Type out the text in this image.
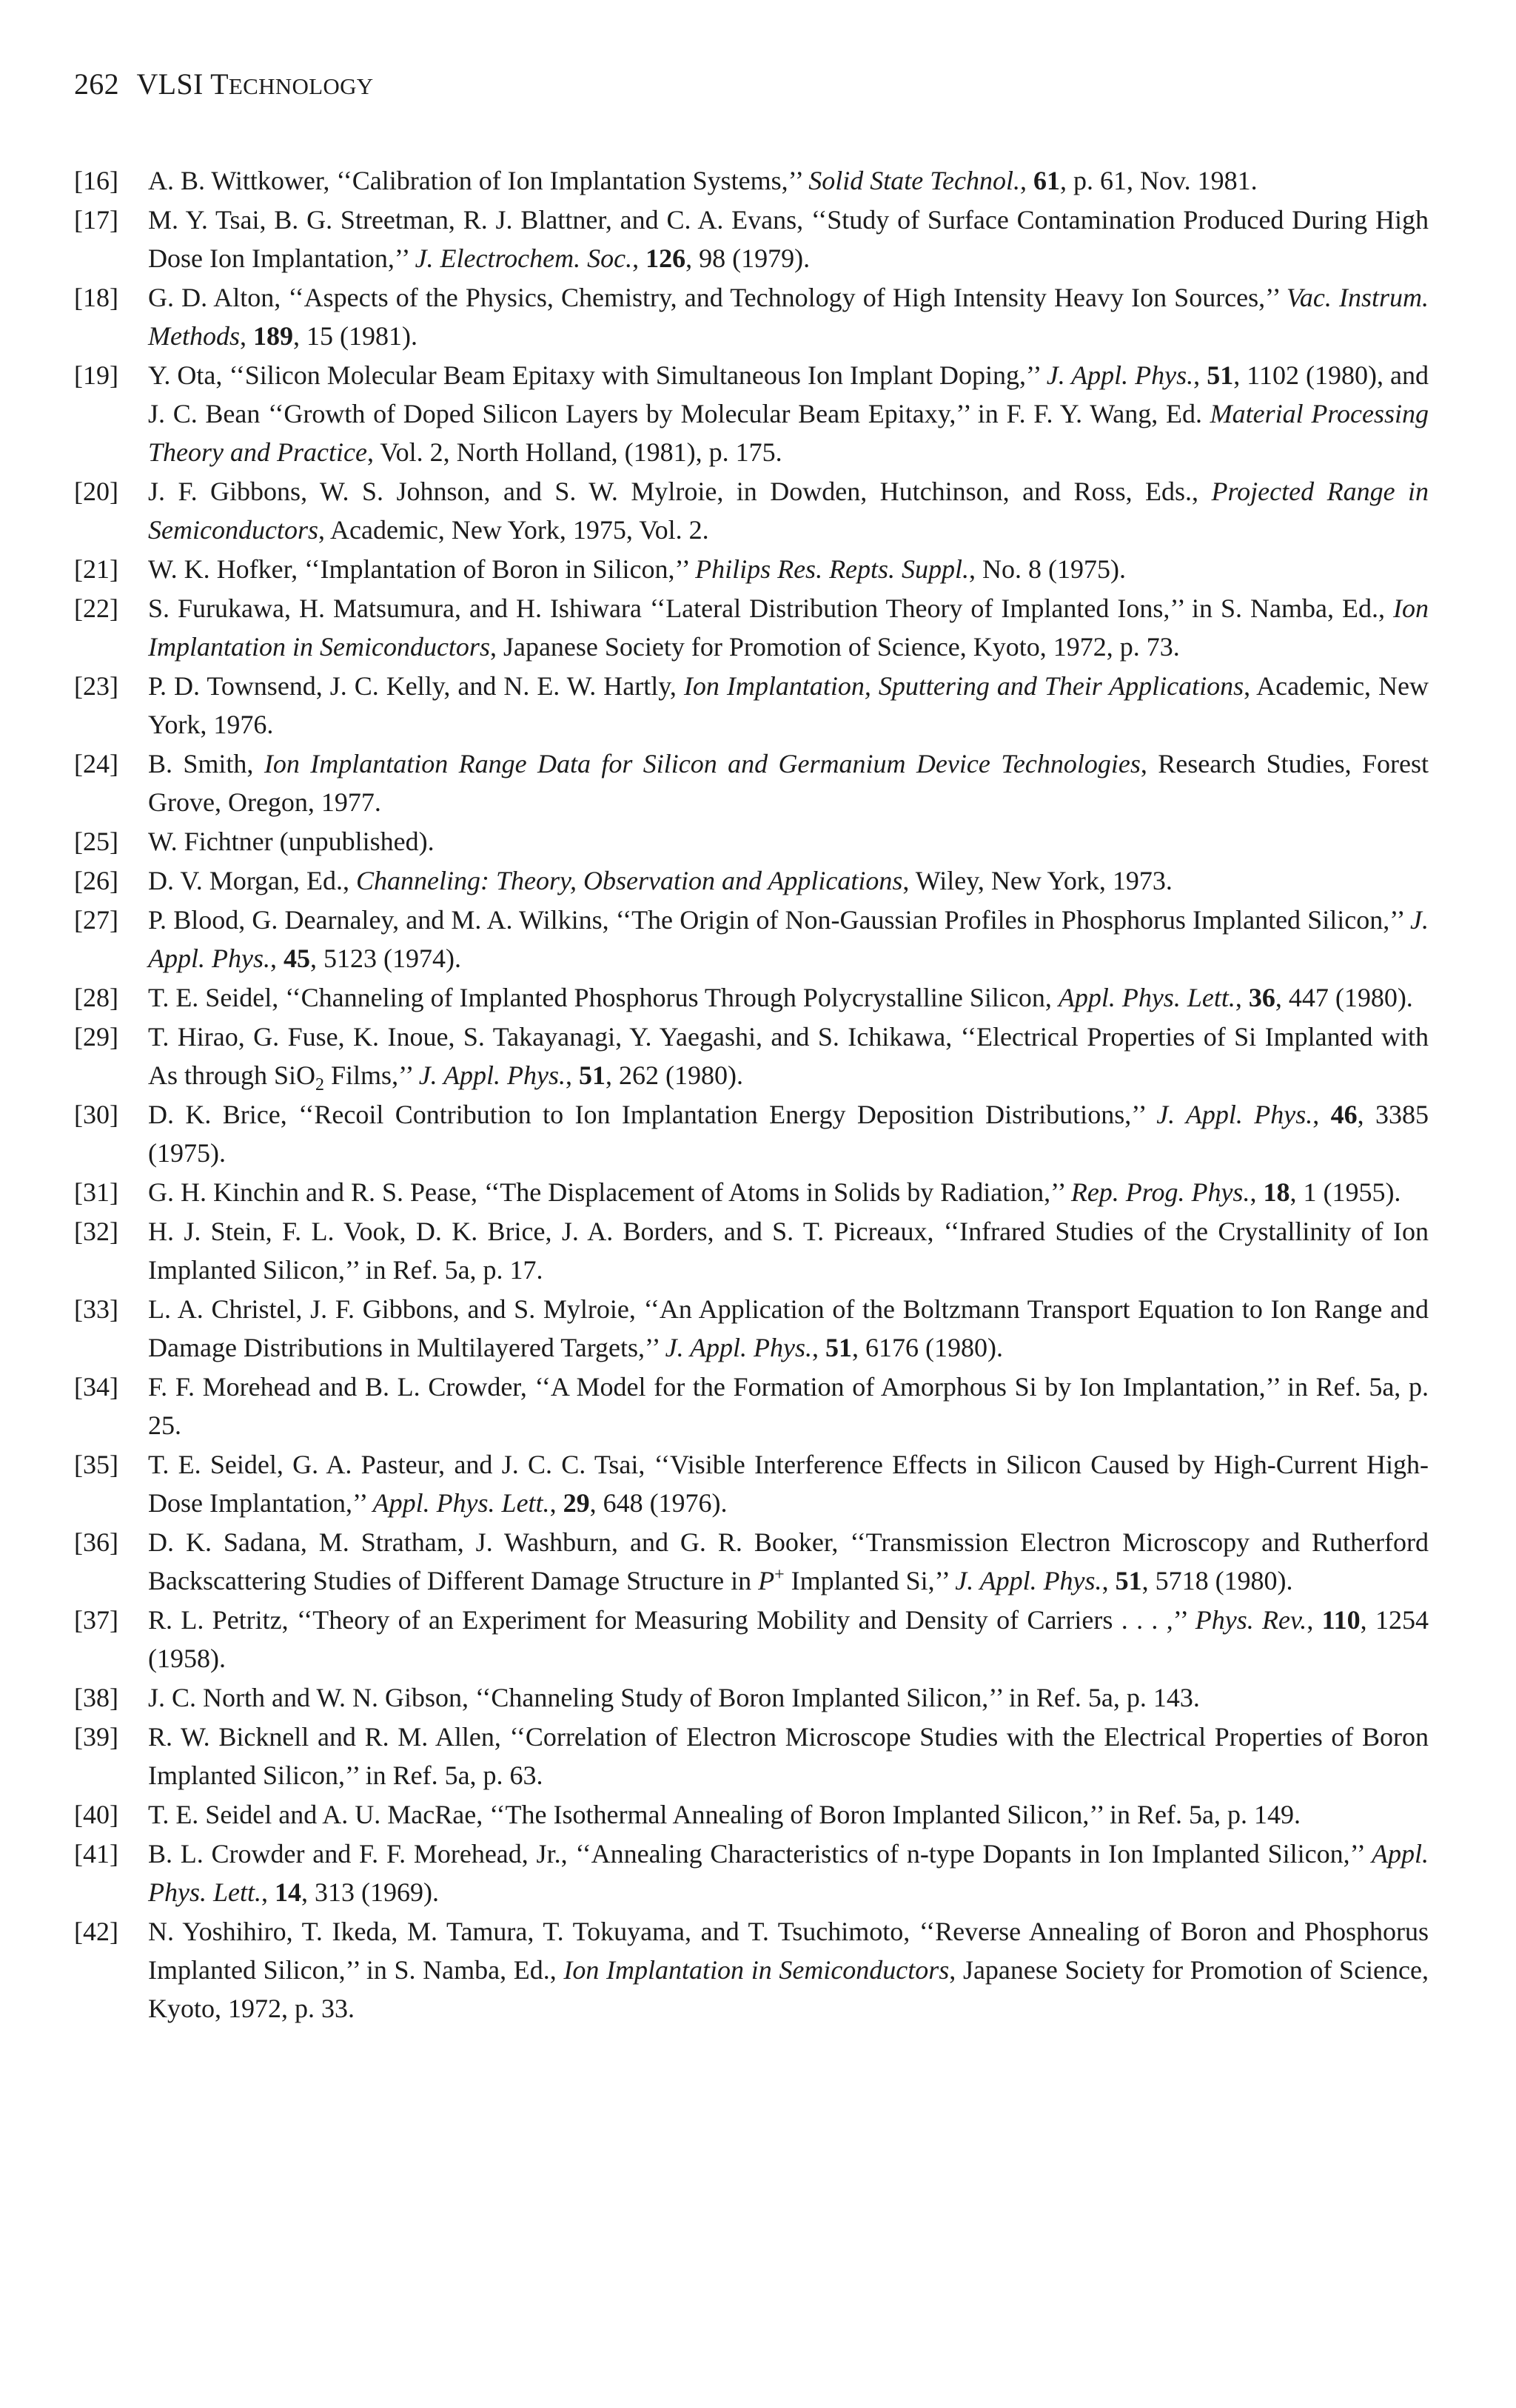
262 VLSI TECHNOLOGY
[16]	A. B. Wittkower, ‘‘Calibration of Ion Implantation Systems,’’ Solid State Technol., 61, p. 61, Nov. 1981.
[17]	M. Y. Tsai, B. G. Streetman, R. J. Blattner, and C. A. Evans, ‘‘Study of Surface Contamination Produced During High Dose Ion Implantation,’’ J. Electrochem. Soc., 126, 98 (1979).
[18]	G. D. Alton, ‘‘Aspects of the Physics, Chemistry, and Technology of High Intensity Heavy Ion Sources,’’ Vac. Instrum. Methods, 189, 15 (1981).
[19]	Y. Ota, ‘‘Silicon Molecular Beam Epitaxy with Simultaneous Ion Implant Doping,’’ J. Appl. Phys., 51, 1102 (1980), and J. C. Bean ‘‘Growth of Doped Silicon Layers by Molecular Beam Epitaxy,’’ in F. F. Y. Wang, Ed. Material Processing Theory and Practice, Vol. 2, North Holland, (1981), p. 175.
[20]	J. F. Gibbons, W. S. Johnson, and S. W. Mylroie, in Dowden, Hutchinson, and Ross, Eds., Projected Range in Semiconductors, Academic, New York, 1975, Vol. 2.
[21]	W. K. Hofker, ‘‘Implantation of Boron in Silicon,’’ Philips Res. Repts. Suppl., No. 8 (1975).
[22]	S. Furukawa, H. Matsumura, and H. Ishiwara ‘‘Lateral Distribution Theory of Implanted Ions,’’ in S. Namba, Ed., Ion Implantation in Semiconductors, Japanese Society for Promotion of Science, Kyoto, 1972, p. 73.
[23]	P. D. Townsend, J. C. Kelly, and N. E. W. Hartly, Ion Implantation, Sputtering and Their Applications, Academic, New York, 1976.
[24]	B. Smith, Ion Implantation Range Data for Silicon and Germanium Device Technologies, Research Studies, Forest Grove, Oregon, 1977.
[25]	W. Fichtner (unpublished).
[26]	D. V. Morgan, Ed., Channeling: Theory, Observation and Applications, Wiley, New York, 1973.
[27]	P. Blood, G. Dearnaley, and M. A. Wilkins, ‘‘The Origin of Non-Gaussian Profiles in Phosphorus Implanted Silicon,’’ J. Appl. Phys., 45, 5123 (1974).
[28]	T. E. Seidel, ‘‘Channeling of Implanted Phosphorus Through Polycrystalline Silicon, Appl. Phys. Lett., 36, 447 (1980).
[29]	T. Hirao, G. Fuse, K. Inoue, S. Takayanagi, Y. Yaegashi, and S. Ichikawa, ‘‘Electrical Properties of Si Implanted with As through SiO$_2$ Films,’’ J. Appl. Phys., 51, 262 (1980).
[30]	D. K. Brice, ‘‘Recoil Contribution to Ion Implantation Energy Deposition Distributions,’’ J. Appl. Phys., 46, 3385 (1975).
[31]	G. H. Kinchin and R. S. Pease, ‘‘The Displacement of Atoms in Solids by Radiation,’’ Rep. Prog. Phys., 18, 1 (1955).
[32]	H. J. Stein, F. L. Vook, D. K. Brice, J. A. Borders, and S. T. Picreaux, ‘‘Infrared Studies of the Crystallinity of Ion Implanted Silicon,’’ in Ref. 5a, p. 17.
[33]	L. A. Christel, J. F. Gibbons, and S. Mylroie, ‘‘An Application of the Boltzmann Transport Equation to Ion Range and Damage Distributions in Multilayered Targets,’’ J. Appl. Phys., 51, 6176 (1980).
[34]	F. F. Morehead and B. L. Crowder, ‘‘A Model for the Formation of Amorphous Si by Ion Implantation,’’ in Ref. 5a, p. 25.
[35]	T. E. Seidel, G. A. Pasteur, and J. C. C. Tsai, ‘‘Visible Interference Effects in Silicon Caused by High-Current High-Dose Implantation,’’ Appl. Phys. Lett., 29, 648 (1976).
[36]	D. K. Sadana, M. Stratham, J. Washburn, and G. R. Booker, ‘‘Transmission Electron Microscopy and Rutherford Backscattering Studies of Different Damage Structure in P+ Implanted Si,’’ J. Appl. Phys., 51, 5718 (1980).
[37]	R. L. Petritz, ‘‘Theory of an Experiment for Measuring Mobility and Density of Carriers . . . ,’’ Phys. Rev., 110, 1254 (1958).
[38]	J. C. North and W. N. Gibson, ‘‘Channeling Study of Boron Implanted Silicon,’’ in Ref. 5a, p. 143.
[39]	R. W. Bicknell and R. M. Allen, ‘‘Correlation of Electron Microscope Studies with the Electrical Properties of Boron Implanted Silicon,’’ in Ref. 5a, p. 63.
[40]	T. E. Seidel and A. U. MacRae, ‘‘The Isothermal Annealing of Boron Implanted Silicon,’’ in Ref. 5a, p. 149.
[41]	B. L. Crowder and F. F. Morehead, Jr., ‘‘Annealing Characteristics of n-type Dopants in Ion Implanted Silicon,’’ Appl. Phys. Lett., 14, 313 (1969).
[42]	N. Yoshihiro, T. Ikeda, M. Tamura, T. Tokuyama, and T. Tsuchimoto, ‘‘Reverse Annealing of Boron and Phosphorus Implanted Silicon,’’ in S. Namba, Ed., Ion Implantation in Semiconductors, Japanese Society for Promotion of Science, Kyoto, 1972, p. 33.
